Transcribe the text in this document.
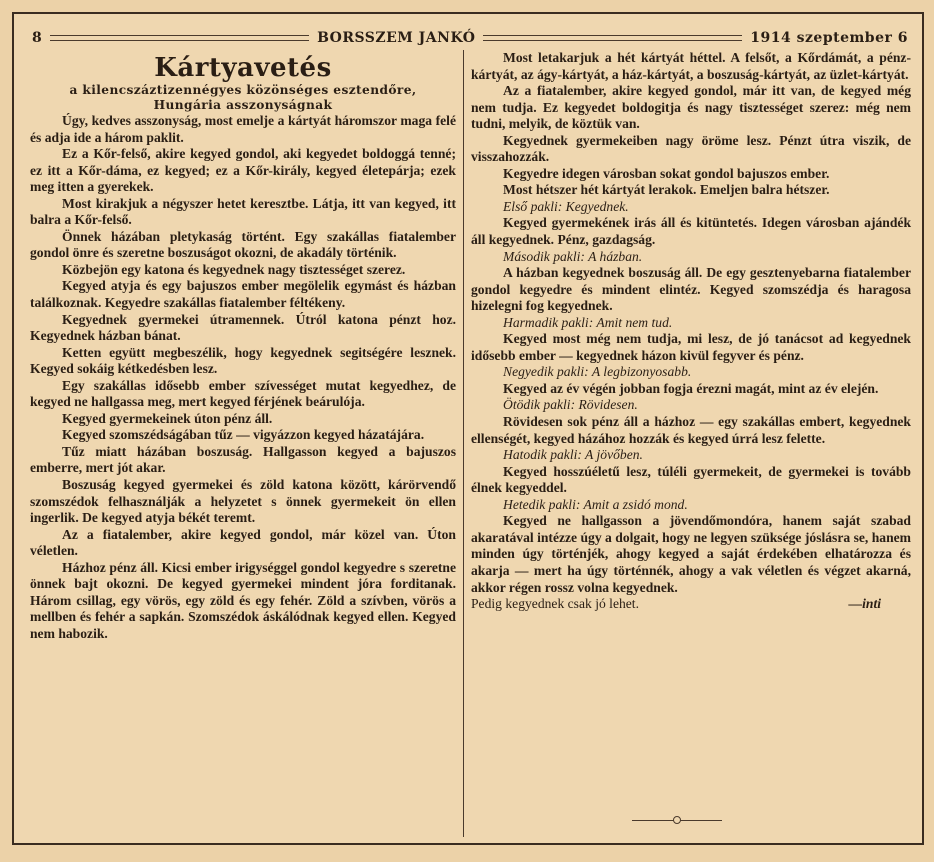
8	BORSSZEM JANKÓ	1914 szeptember 6
Kártyavetés
a kilencszáztizennégyes közönséges esztendőre,
Hungária asszonyságnak

Úgy, kedves asszonyság, most emelje a kártyát háromszor maga felé és adja ide a három paklit.

Ez a Kőr-felső, akire kegyed gondol, aki kegyedet boldoggá tenné; ez itt a Kőr-dáma, ez kegyed; ez a Kőr-király, kegyed életepárja; ezek meg itten a gyerekek.

Most kirakjuk a négyszer hetet keresztbe. Látja, itt van kegyed, itt balra a Kőr-felső.

Önnek házában pletykaság történt. Egy szakállas fiatalember gondol önre és szeretne boszuságot okozni, de akadály történik.

Közbejön egy katona és kegyednek nagy tisztességet szerez.

Kegyed atyja és egy bajuszos ember megölelik egymást és házban találkoznak. Kegyedre szakállas fiatalember féltékeny.

Kegyednek gyermekei útramennek. Útról katona pénzt hoz. Kegyednek házban bánat.

Ketten együtt megbeszélik, hogy kegyednek segitségére lesznek. Kegyed sokáig kétkedésben lesz.

Egy szakállas idősebb ember szívességet mutat kegyedhez, de kegyed ne hallgassa meg, mert kegyed férjének beárulója.

Kegyed gyermekeinek úton pénz áll.

Kegyed szomszédságában tűz — vigyázzon kegyed házatájára.

Tűz miatt házában boszuság. Hallgasson kegyed a bajuszos emberre, mert jót akar.

Boszuság kegyed gyermekei és zöld katona között, kárörvendő szomszédok felhasználják a helyzetet s önnek gyermekeit ön ellen ingerlik. De kegyed atyja békét teremt.

Az a fiatalember, akire kegyed gondol, már közel van. Úton véletlen.

Házhoz pénz áll. Kicsi ember irigységgel gondol kegyedre s szeretne önnek bajt okozni. De kegyed gyermekei mindent jóra forditanak. Három csillag, egy vörös, egy zöld és egy fehér. Zöld a szívben, vörös a mellben és fehér a sapkán. Szomszédok áskálódnak kegyed ellen. Kegyed nem habozik.

Most letakarjuk a hét kártyát héttel. A felsőt, a Kőrdámát, a pénz-kártyát, az ágy-kártyát, a ház-kártyát, a boszuság-kártyát, az üzlet-kártyát.

Az a fiatalember, akire kegyed gondol, már itt van, de kegyed még nem tudja. Ez kegyedet boldogitja és nagy tisztességet szerez: még nem tudni, melyik, de köztük van.

Kegyednek gyermekeiben nagy öröme lesz. Pénzt útra viszik, de visszahozzák.

Kegyedre idegen városban sokat gondol bajuszos ember.

Most hétszer hét kártyát lerakok. Emeljen balra hétszer.

Első pakli: Kegyednek.

Kegyed gyermekének irás áll és kitüntetés. Idegen városban ajándék áll kegyednek. Pénz, gazdagság.

Második pakli: A házban.

A házban kegyednek boszuság áll. De egy gesztenyebarna fiatalember gondol kegyedre és mindent elintéz. Kegyed szomszédja és haragosa hizelegni fog kegyednek.

Harmadik pakli: Amit nem tud.

Kegyed most még nem tudja, mi lesz, de jó tanácsot ad kegyednek idősebb ember — kegyednek házon kivül fegyver és pénz.

Negyedik pakli: A legbizonyosabb.

Kegyed az év végén jobban fogja érezni magát, mint az év elején.

Ötödik pakli: Rövidesen.

Rövidesen sok pénz áll a házhoz — egy szakállas embert, kegyednek ellenségét, kegyed házához hozzák és kegyed úrrá lesz felette.

Hatodik pakli: A jövőben.

Kegyed hosszúéletű lesz, túléli gyermekeit, de gyermekei is tovább élnek kegyeddel.

Hetedik pakli: Amit a zsidó mond.

Kegyed ne hallgasson a jövendőmondóra, hanem saját szabad akaratával intézze úgy a dolgait, hogy ne legyen szüksége jóslásra se, hanem minden úgy történjék, ahogy kegyed a saját érdekében elhatározza és akarja — mert ha úgy történnék, ahogy a vak véletlen és végzet akarná, akkor régen rossz volna kegyednek.

Pedig kegyednek csak jó lehet.	—inti
